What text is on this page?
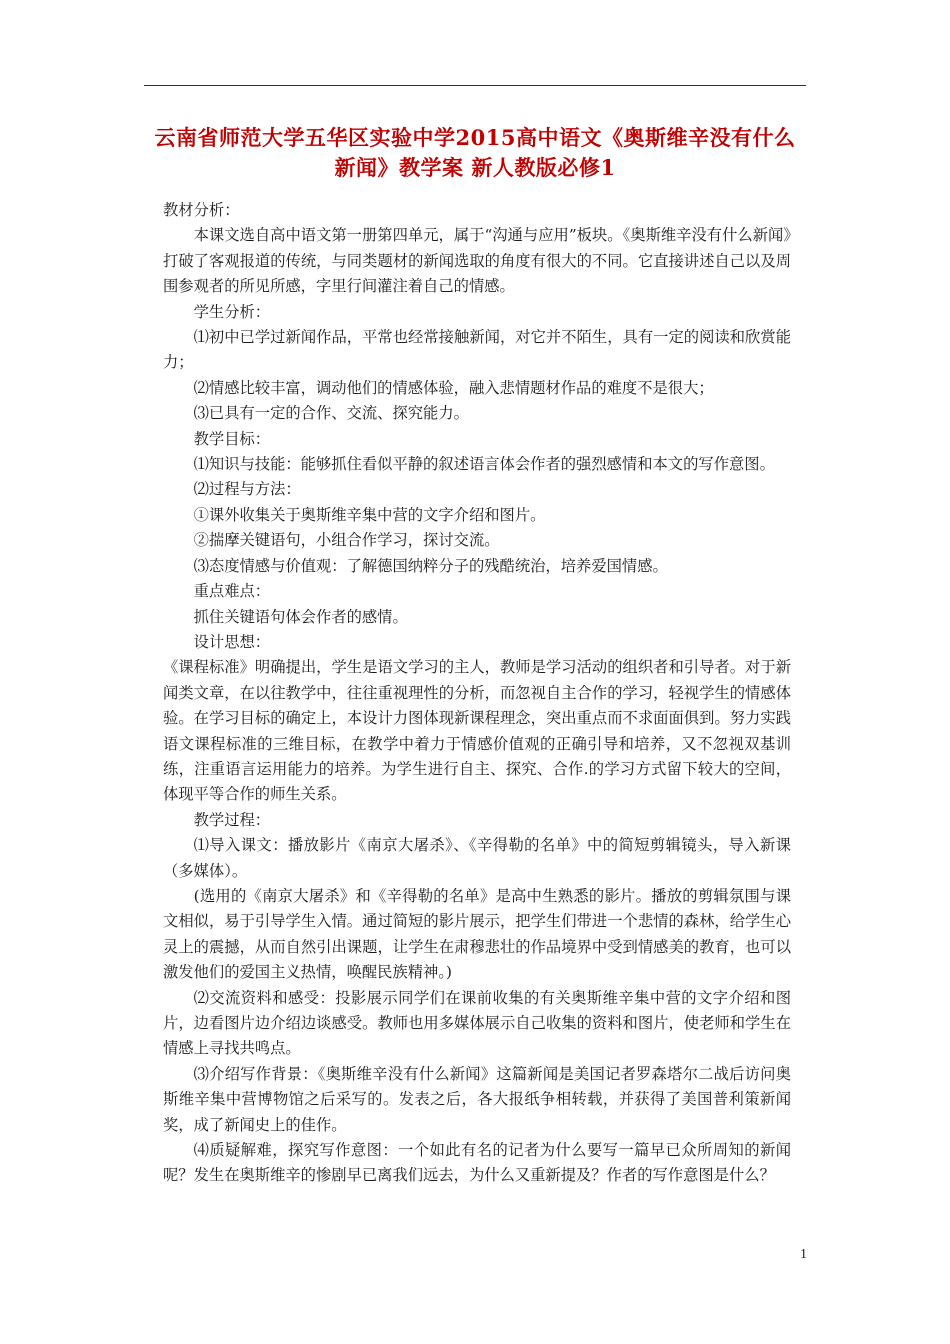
云南省师范大学五华区实验中学2015高中语文《奥斯维辛没有什么新闻》教学案 新人教版必修1

教材分析：

本课文选自高中语文第一册第四单元，属于“沟通与应用”板块。《奥斯维辛没有什么新闻》打破了客观报道的传统，与同类题材的新闻选取的角度有很大的不同。它直接讲述自己以及周围参观者的所见所感，字里行间灌注着自己的情感。

学生分析：

⑴初中已学过新闻作品，平常也经常接触新闻，对它并不陌生，具有一定的阅读和欣赏能力；

⑵情感比较丰富，调动他们的情感体验，融入悲情题材作品的难度不是很大；

⑶已具有一定的合作、交流、探究能力。

教学目标：

⑴知识与技能：能够抓住看似平静的叙述语言体会作者的强烈感情和本文的写作意图。

⑵过程与方法：

①课外收集关于奥斯维辛集中营的文字介绍和图片。

②揣摩关键语句，小组合作学习，探讨交流。

⑶态度情感与价值观：了解德国纳粹分子的残酷统治，培养爱国情感。

重点难点：

抓住关键语句体会作者的感情。

设计思想：

《课程标准》明确提出，学生是语文学习的主人，教师是学习活动的组织者和引导者。对于新闻类文章，在以往教学中，往往重视理性的分析，而忽视自主合作的学习，轻视学生的情感体验。在学习目标的确定上，本设计力图体现新课程理念，突出重点而不求面面俱到。努力实践语文课程标准的三维目标，在教学中着力于情感价值观的正确引导和培养，又不忽视双基训练，注重语言运用能力的培养。为学生进行自主、探究、合作.的学习方式留下较大的空间，体现平等合作的师生关系。

教学过程：

⑴导入课文：播放影片《南京大屠杀》、《辛得勒的名单》中的简短剪辑镜头，导入新课（多媒体）。

(选用的《南京大屠杀》和《辛得勒的名单》是高中生熟悉的影片。播放的剪辑氛围与课文相似，易于引导学生入情。通过简短的影片展示，把学生们带进一个悲情的森林，给学生心灵上的震撼，从而自然引出课题，让学生在肃穆悲壮的作品境界中受到情感美的教育，也可以激发他们的爱国主义热情，唤醒民族精神。)

⑵交流资料和感受：投影展示同学们在课前收集的有关奥斯维辛集中营的文字介绍和图片，边看图片边介绍边谈感受。教师也用多媒体展示自己收集的资料和图片，使老师和学生在情感上寻找共鸣点。

⑶介绍写作背景：《奥斯维辛没有什么新闻》这篇新闻是美国记者罗森塔尔二战后访问奥斯维辛集中营博物馆之后采写的。发表之后，各大报纸争相转载，并获得了美国普利策新闻奖，成了新闻史上的佳作。

⑷质疑解难，探究写作意图：一个如此有名的记者为什么要写一篇早已众所周知的新闻呢？发生在奥斯维辛的惨剧早已离我们远去，为什么又重新提及？作者的写作意图是什么？

1
